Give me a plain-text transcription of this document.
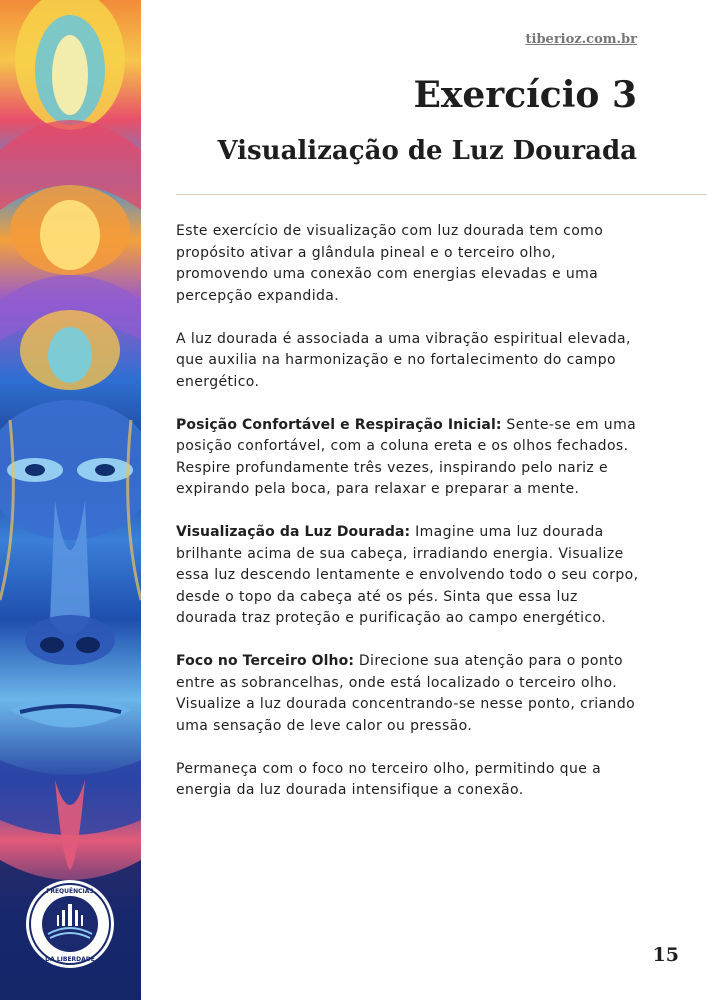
FREQUÊNCIAS
DA LIBERDADE
tiberioz.com.br
Exercício 3
Visualização de Luz Dourada

Este exercício de visualização com luz dourada tem como propósito ativar a glândula pineal e o terceiro olho, promovendo uma conexão com energias elevadas e uma percepção expandida.

A luz dourada é associada a uma vibração espiritual elevada, que auxilia na harmonização e no fortalecimento do campo energético.

Posição Confortável e Respiração Inicial: Sente-se em uma posição confortável, com a coluna ereta e os olhos fechados. Respire profundamente três vezes, inspirando pelo nariz e expirando pela boca, para relaxar e preparar a mente.

Visualização da Luz Dourada: Imagine uma luz dourada brilhante acima de sua cabeça, irradiando energia. Visualize essa luz descendo lentamente e envolvendo todo o seu corpo, desde o topo da cabeça até os pés. Sinta que essa luz dourada traz proteção e purificação ao campo energético.

Foco no Terceiro Olho: Direcione sua atenção para o ponto entre as sobrancelhas, onde está localizado o terceiro olho. Visualize a luz dourada concentrando-se nesse ponto, criando uma sensação de leve calor ou pressão.

Permaneça com o foco no terceiro olho, permitindo que a energia da luz dourada intensifique a conexão.

15
